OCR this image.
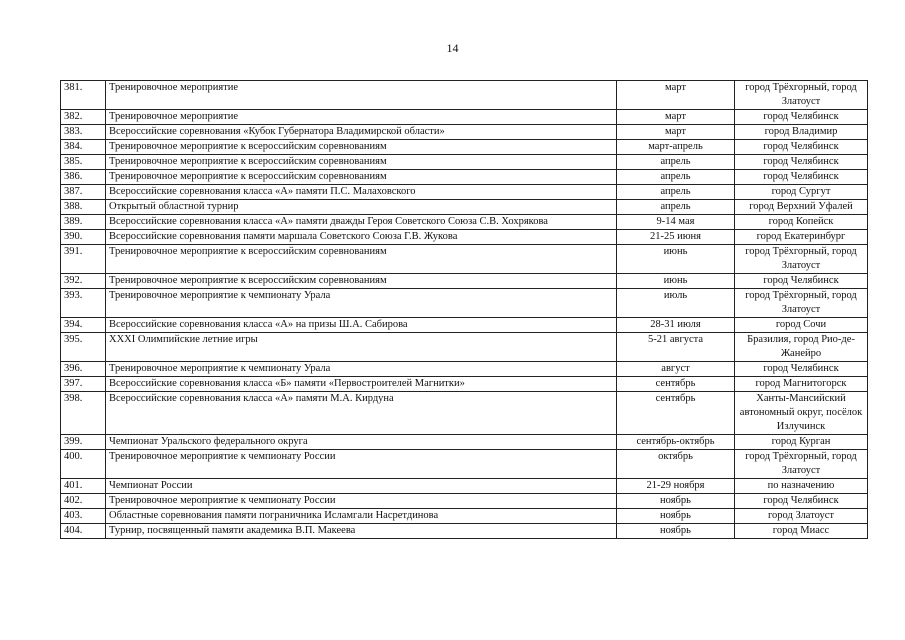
14
381.	Тренировочное мероприятие	март	город Трёхгорный, город Златоуст
382.	Тренировочное мероприятие	март	город Челябинск
383.	Всероссийские соревнования «Кубок Губернатора Владимирской области»	март	город Владимир
384.	Тренировочное мероприятие к всероссийским соревнованиям	март-апрель	город Челябинск
385.	Тренировочное мероприятие к всероссийским соревнованиям	апрель	город Челябинск
386.	Тренировочное мероприятие к всероссийским соревнованиям	апрель	город Челябинск
387.	Всероссийские соревнования класса «А» памяти П.С. Малаховского	апрель	город Сургут
388.	Открытый областной турнир	апрель	город Верхний Уфалей
389.	Всероссийские соревнования класса «А» памяти дважды Героя Советского Союза С.В. Хохрякова	9-14 мая	город Копейск
390.	Всероссийские соревнования памяти маршала Советского Союза Г.В. Жукова	21-25 июня	город Екатеринбург
391.	Тренировочное мероприятие к всероссийским соревнованиям	июнь	город Трёхгорный, город Златоуст
392.	Тренировочное мероприятие к всероссийским соревнованиям	июнь	город Челябинск
393.	Тренировочное мероприятие к чемпионату Урала	июль	город Трёхгорный, город Златоуст
394.	Всероссийские соревнования класса «А» на призы Ш.А. Сабирова	28-31 июля	город Сочи
395.	XXXI Олимпийские летние игры	5-21 августа	Бразилия, город Рио-де-Жанейро
396.	Тренировочное мероприятие к чемпионату Урала	август	город Челябинск
397.	Всероссийские соревнования класса «Б» памяти «Первостроителей Магнитки»	сентябрь	город Магнитогорск
398.	Всероссийские соревнования класса «А» памяти М.А. Кирдуна	сентябрь	Ханты-Мансийский автономный округ, посёлок Излучинск
399.	Чемпионат Уральского федерального округа	сентябрь-октябрь	город Курган
400.	Тренировочное мероприятие к чемпионату России	октябрь	город Трёхгорный, город Златоуст
401.	Чемпионат России	21-29 ноября	по назначению
402.	Тренировочное мероприятие к чемпионату России	ноябрь	город Челябинск
403.	Областные соревнования памяти пограничника Исламгали Насретдинова	ноябрь	город Златоуст
404.	Турнир, посвященный памяти академика В.П. Макеева	ноябрь	город Миасс
